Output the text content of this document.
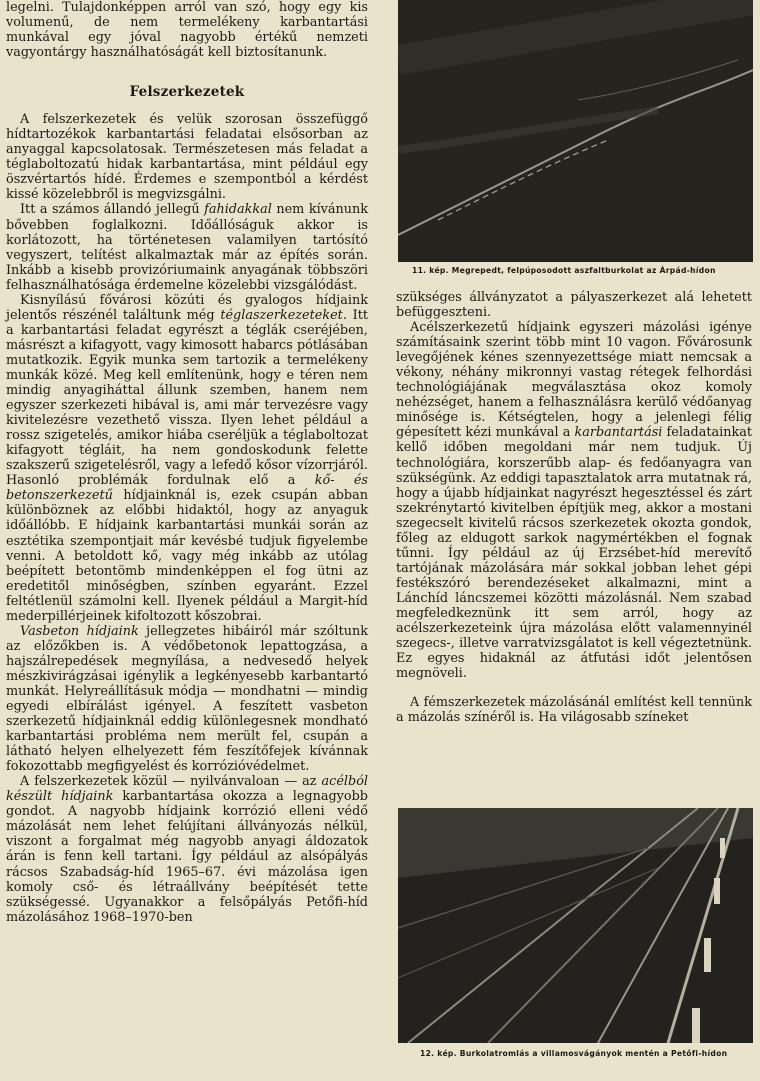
legelni. Tulajdonképpen arról van szó, hogy egy kis volumenű, de nem termelékeny karbantartási munkával egy jóval nagyobb értékű nemzeti vagyontárgy használhatóságát kell biztosítanunk.

Felszerkezetek

A felszerkezetek és velük szorosan összefüggő hídtartozékok karbantartási feladatai elsősorban az anyaggal kapcsolatosak. Természetesen más feladat a téglaboltozatú hidak karbantartása, mint például egy öszvértartós hídé. Érdemes e szempontból a kérdést kissé közelebbről is megvizsgálni.

Itt a számos állandó jellegű fahidakkal nem kívánunk bővebben foglalkozni. Időállóságuk akkor is korlátozott, ha történetesen valamilyen tartósító vegyszert, telítést alkalmaztak már az építés során. Inkább a kisebb provizóriumaink anyagának többszöri felhasználhatósága érdemelne közelebbi vizsgálódást.

Kisnyílású fővárosi közúti és gyalogos hídjaink jelentős részénél találtunk még téglaszerkezeteket. Itt a karbantartási feladat egyrészt a téglák cseréjében, másrészt a kifagyott, vagy kimosott habarcs pótlásában mutatkozik. Egyik munka sem tartozik a termelékeny munkák közé. Meg kell említenünk, hogy e téren nem mindig anyagiháttal állunk szemben, hanem nem egyszer szerkezeti hibával is, ami már tervezésre vagy kivitelezésre vezethető vissza. Ilyen lehet például a rossz szigetelés, amikor hiába cseréljük a téglaboltozat kifagyott tégláit, ha nem gondoskodunk felette szakszerű szigetelésről, vagy a lefedő kősor vízorrjáról. Hasonló problémák fordulnak elő a kő- és betonszerkezetű hídjainknál is, ezek csupán abban különböznek az előbbi hidaktól, hogy az anyaguk időállóbb. E hídjaink karbantartási munkái során az esztétika szempontjait már kevésbé tudjuk figyelembe venni. A betoldott kő, vagy még inkább az utólag beépített betontömb mindenképpen el fog ütni az eredetitől minőségben, színben egyaránt. Ezzel feltétlenül számolni kell. Ilyenek például a Margit-híd mederpillérjeinek kifoltozott kőszobrai.

Vasbeton hídjaink jellegzetes hibáiról már szóltunk az előzőkben is. A védőbetonok lepattogzása, a hajszálrepedések megnyílása, a nedvesedő helyek mészkivirágzásai igénylik a legkényesebb karbantartó munkát. Helyreállításuk módja — mondhatni — mindig egyedi elbírálást igényel. A feszített vasbeton szerkezetű hídjainknál eddig különlegesnek mondható karbantartási probléma nem merült fel, csupán a látható helyen elhelyezett fém feszítőfejek kívánnak fokozottabb megfigyelést és korrózióvédelmet.

A felszerkezetek közül — nyilvánvaloan — az acélból készült hídjaink karbantartása okozza a legnagyobb gondot. A nagyobb hídjaink korrózió elleni védő mázolását nem lehet felújítani állványozás nélkül, viszont a forgalmat még nagyobb anyagi áldozatok árán is fenn kell tartani. Így például az alsópályás rácsos Szabadság-híd 1965–67. évi mázolása igen komoly cső- és létraállvány beépítését tette szükségessé. Ugyanakkor a felsőpályás Petőfi-híd mázolásához 1968–1970-ben

11. kép. Megrepedt, felpúposodott aszfaltburkolat az Árpád-hídon

szükséges állványzatot a pályaszerkezet alá lehetett befüggeszteni.

Acélszerkezetű hídjaink egyszeri mázolási igénye számításaink szerint több mint 10 vagon. Fővárosunk levegőjének kénes szennyezettsége miatt nemcsak a vékony, néhány mikronnyi vastag rétegek felhordási technológiájának megválasztása okoz komoly nehézséget, hanem a felhasználásra kerülő védőanyag minősége is. Kétségtelen, hogy a jelenlegi félig gépesített kézi munkával a karbantartási feladatainkat kellő időben megoldani már nem tudjuk. Új technológiára, korszerűbb alap- és fedőanyagra van szükségünk. Az eddigi tapasztalatok arra mutatnak rá, hogy a újabb hídjainkat nagyrészt hegesztéssel és zárt szekrénytartó kivitelben építjük meg, akkor a mostani szegecselt kivitelű rácsos szerkezetek okozta gondok, főleg az eldugott sarkok nagymértékben el fognak tűnni. Így például az új Erzsébet-híd merevítő tartójának mázolására már sokkal jobban lehet gépi festékszóró berendezéseket alkalmazni, mint a Lánchíd láncszemei közötti mázolásnál. Nem szabad megfeledkeznünk itt sem arról, hogy az acélszerkezeteink újra mázolása előtt valamennyinél szegecs-, illetve varratvizsgálatot is kell végeztetnünk. Ez egyes hidaknál az átfutási időt jelentősen megnöveli.

A fémszerkezetek mázolásánál említést kell tennünk a mázolás színéről is. Ha világosabb színeket

12. kép. Burkolatromlás a villamosvágányok mentén a Petőfi-hídon
